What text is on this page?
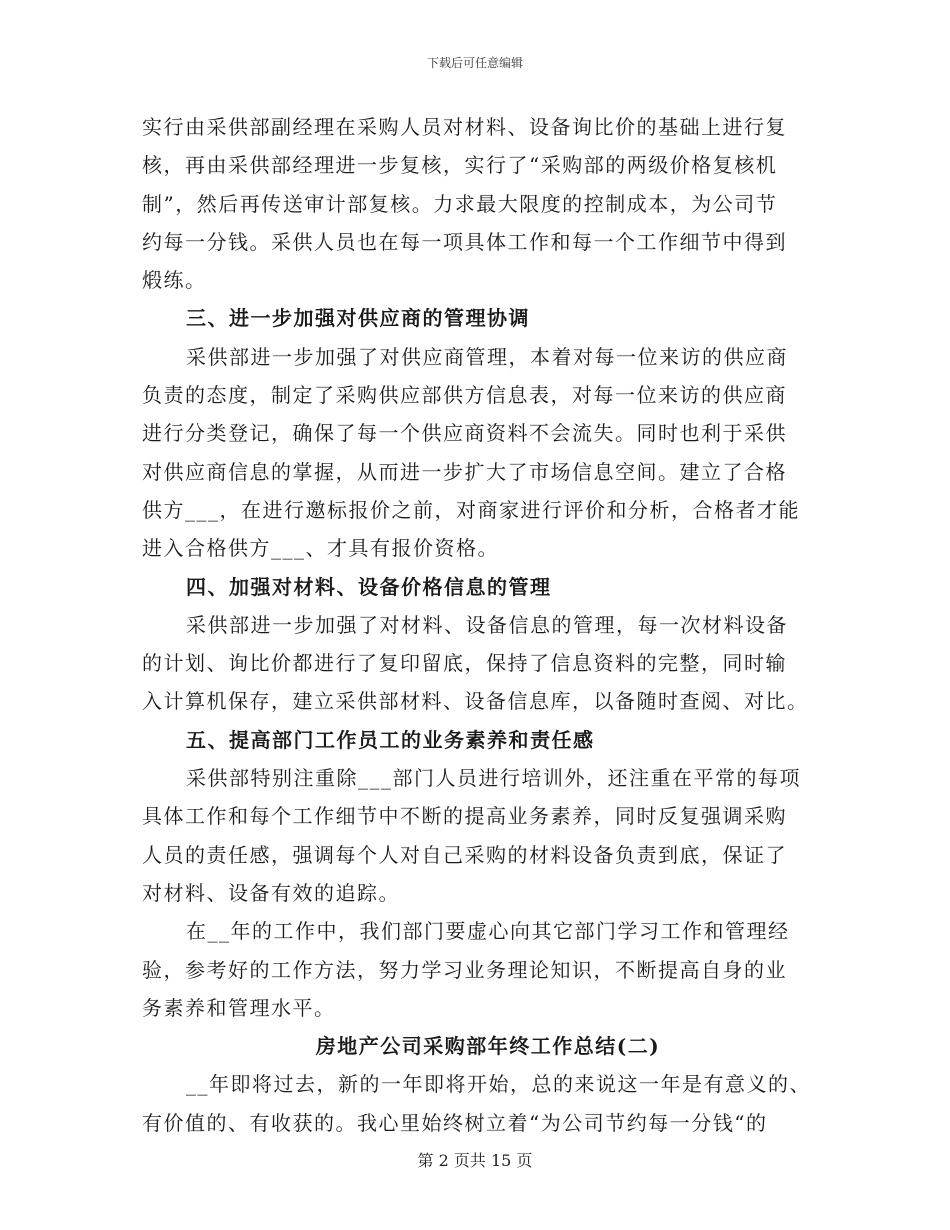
下载后可任意编辑
实行由采供部副经理在采购人员对材料、设备询比价的基础上进行复
核，再由采供部经理进一步复核，实行了“采购部的两级价格复核机
制”，然后再传送审计部复核。力求最大限度的控制成本，为公司节
约每一分钱。采供人员也在每一项具体工作和每一个工作细节中得到
煅练。
三、进一步加强对供应商的管理协调
采供部进一步加强了对供应商管理，本着对每一位来访的供应商
负责的态度，制定了采购供应部供方信息表，对每一位来访的供应商
进行分类登记，确保了每一个供应商资料不会流失。同时也利于采供
对供应商信息的掌握，从而进一步扩大了市场信息空间。建立了合格
供方___，在进行邀标报价之前，对商家进行评价和分析，合格者才能
进入合格供方___、才具有报价资格。
四、加强对材料、设备价格信息的管理
采供部进一步加强了对材料、设备信息的管理，每一次材料设备
的计划、询比价都进行了复印留底，保持了信息资料的完整，同时输
入计算机保存，建立采供部材料、设备信息库，以备随时查阅、对比。
五、提高部门工作员工的业务素养和责任感
采供部特别注重除___部门人员进行培训外，还注重在平常的每项
具体工作和每个工作细节中不断的提高业务素养，同时反复强调采购
人员的责任感，强调每个人对自己采购的材料设备负责到底，保证了
对材料、设备有效的追踪。
在__年的工作中，我们部门要虚心向其它部门学习工作和管理经
验，参考好的工作方法，努力学习业务理论知识，不断提高自身的业
务素养和管理水平。
房地产公司采购部年终工作总结(二)
__年即将过去，新的一年即将开始，总的来说这一年是有意义的、
有价值的、有收获的。我心里始终树立着“为公司节约每一分钱“的
第 2 页共 15 页
